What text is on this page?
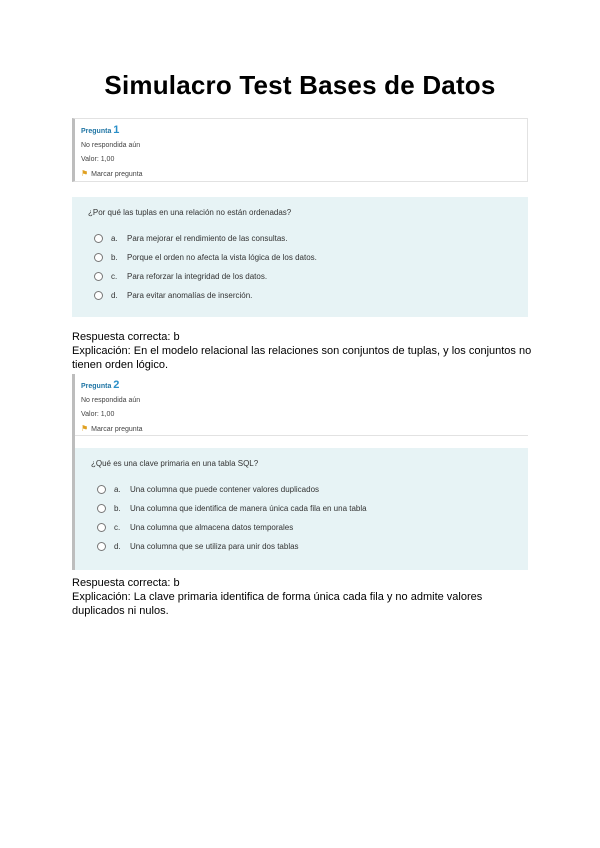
Simulacro Test Bases de Datos
Pregunta 1
No respondida aún
Valor: 1,00
⚑ Marcar pregunta
¿Por qué las tuplas en una relación no están ordenadas?
a.	Para mejorar el rendimiento de las consultas.
b.	Porque el orden no afecta la vista lógica de los datos.
c.	Para reforzar la integridad de los datos.
d.	Para evitar anomalías de inserción.

Respuesta correcta: b

Explicación: En el modelo relacional las relaciones son conjuntos de tuplas, y los conjuntos no tienen orden lógico.

Pregunta 2
No respondida aún
Valor: 1,00
⚑ Marcar pregunta
¿Qué es una clave primaria en una tabla SQL?
a.	Una columna que puede contener valores duplicados
b.	Una columna que identifica de manera única cada fila en una tabla
c.	Una columna que almacena datos temporales
d.	Una columna que se utiliza para unir dos tablas

Respuesta correcta: b

Explicación: La clave primaria identifica de forma única cada fila y no admite valores duplicados ni nulos.
